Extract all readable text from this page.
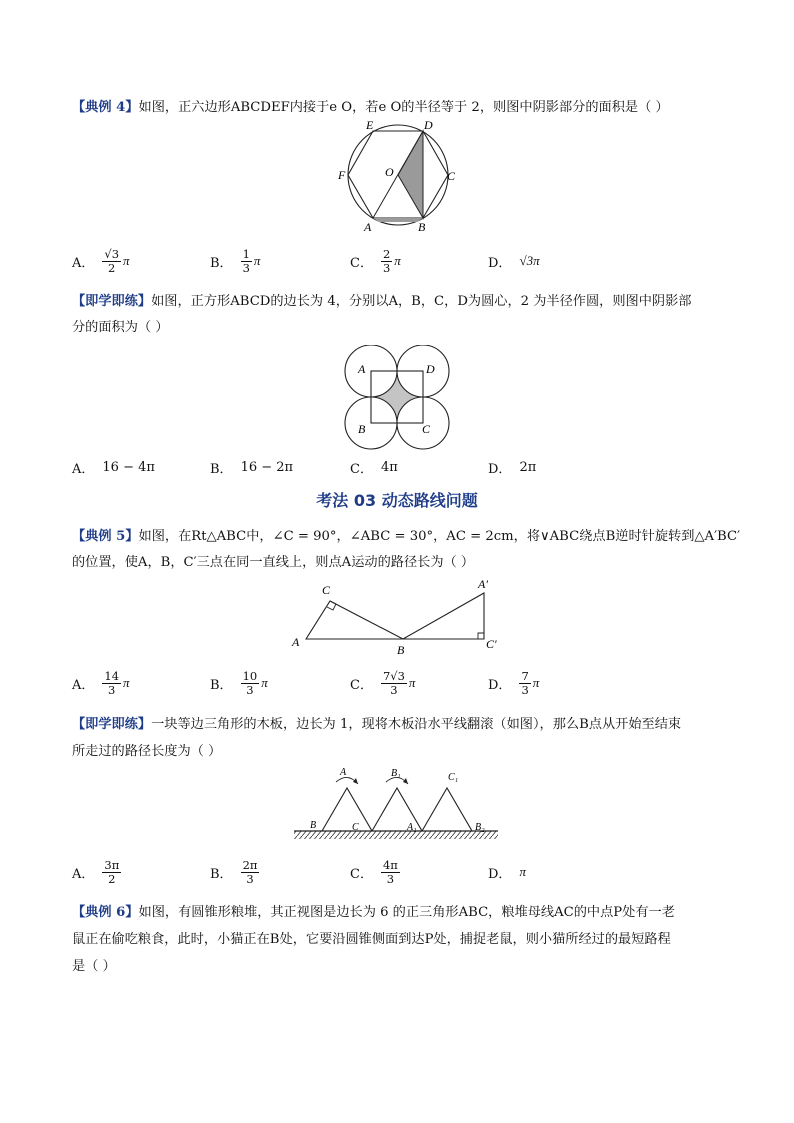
【典例 4】如图，正六边形ABCDEF内接于e O，若e O的半径等于 2，则图中阴影部分的面积是（ ）
E	D
F	O	C
A	B
A． $\frac{√3}{2}$ π	B． $\frac{1}{3}$ π	C． $\frac{2}{3}$ π	D． √3π
【即学即练】如图，正方形ABCD的边长为 4，分别以A，B，C，D为圆心，2 为半径作圆，则图中阴影部
分的面积为（ ）
A	D
B	C
A． 16 − 4π	B． 16 − 2π	C． 4π	D． 2π
考法 03 动态路线问题
【典例 5】如图，在Rt△ABC中，∠C = 90°，∠ABC = 30°，AC = 2cm，将∨ABC绕点B逆时针旋转到△A′BC′
的位置，使A，B，C′三点在同一直线上，则点A运动的路径长为（ ）
C	A′
A
B	C′
A． $\frac{14}{3}$ π	B． $\frac{10}{3}$ π	C． $\frac{7√3}{3}$ π	D． $\frac{7}{3}$ π
【即学即练】一块等边三角形的木板，边长为 1，现将木板沿水平线翻滚（如图），那么B点从开始至结束
所走过的路径长度为（ ）
A	B₁	C₁
B	C	A₁	B₂
A． $\frac{3\pi}{2}$	B． $\frac{2\pi}{3}$	C． $\frac{4\pi}{3}$	D． π
【典例 6】如图，有圆锥形粮堆，其正视图是边长为 6 的正三角形ABC，粮堆母线AC的中点P处有一老
鼠正在偷吃粮食，此时，小猫正在B处，它要沿圆锥侧面到达P处，捕捉老鼠，则小猫所经过的最短路程
是（ ）
